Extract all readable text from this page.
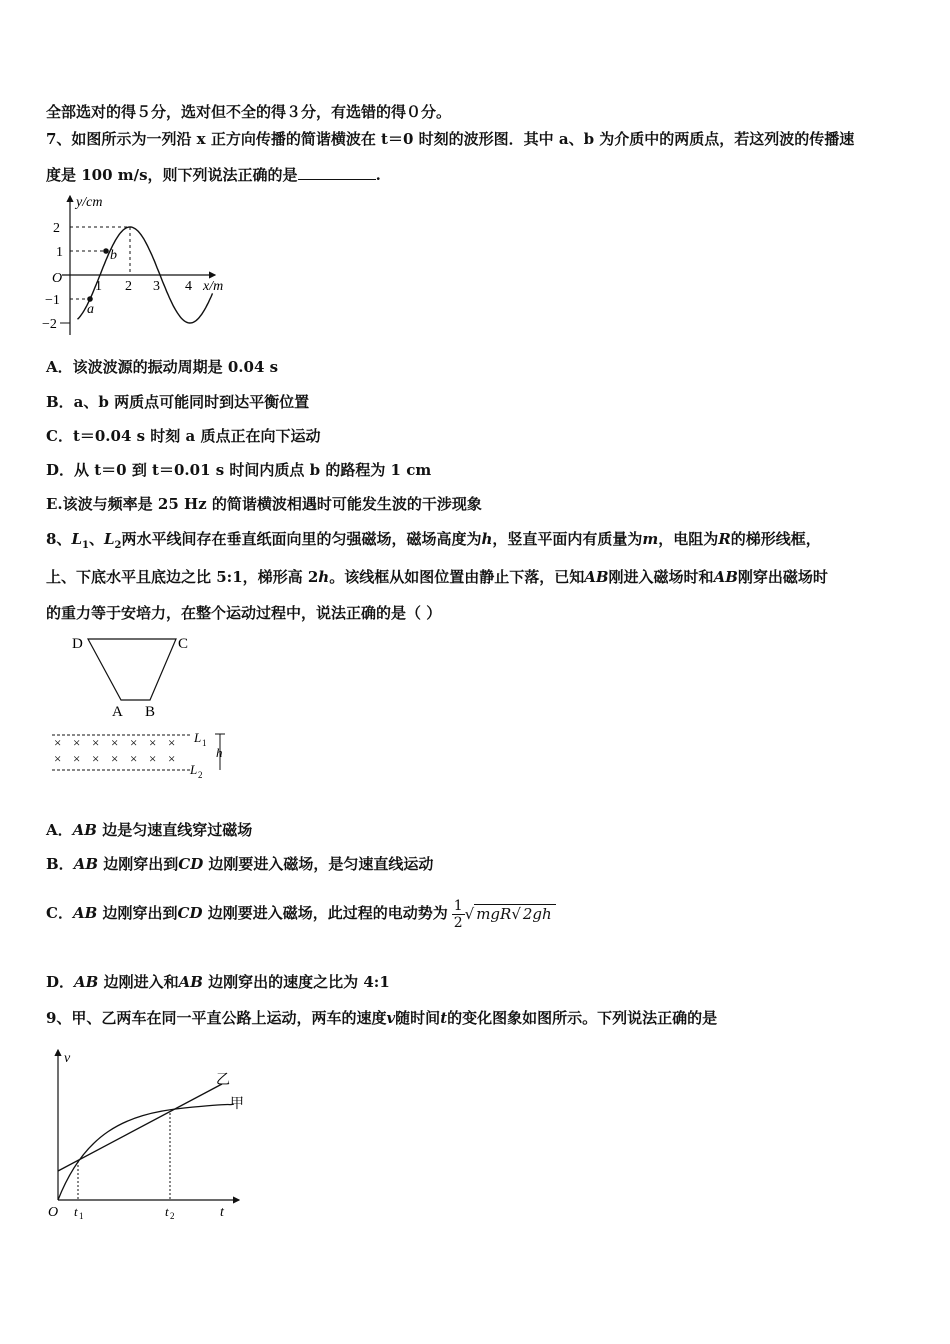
全部选对的得５分，选对但不全的得３分，有选错的得０分。
7、如图所示为一列沿 x 正方向传播的简谐横波在 t＝0 时刻的波形图．其中 a、b 为介质中的两质点，若这列波的传播速
度是 100 m/s，则下列说法正确的是	.
y/cm
x/m
O
2
1
−1
−2
1 2 3 4
b
a
A．该波波源的振动周期是 0.04 s
B．a、b 两质点可能同时到达平衡位置
C．t＝0.04 s 时刻 a 质点正在向下运动
D．从 t＝0 到 t＝0.01 s 时间内质点 b 的路程为 1 cm
E.该波与频率是 25 Hz 的简谐横波相遇时可能发生波的干涉现象
8、$L_1$、$L_2$两水平线间存在垂直纸面向里的匀强磁场，磁场高度为h，竖直平面内有质量为m，电阻为R的梯形线框，
上、下底水平且底边之比 5:1，梯形高 2h。该线框从如图位置由静止下落，已知AB刚进入磁场时和AB刚穿出磁场时
的重力等于安培力，在整个运动过程中，说法正确的是（ ）
D	C
A B
× × × × × × ×
× × × × × × ×
L 1
L 2
h
A．AB 边是匀速直线穿过磁场
B．AB 边刚穿出到CD 边刚要进入磁场，是匀速直线运动
C．AB 边刚穿出到CD 边刚要进入磁场，此过程的电动势为 $\frac{1}{2}$ √ mgR√ 2gh
D．AB 边刚进入和AB 边刚穿出的速度之比为 4:1
9、甲、乙两车在同一平直公路上运动，两车的速度v随时间t的变化图象如图所示。下列说法正确的是
v
t
O t 1	t 2
乙
甲
